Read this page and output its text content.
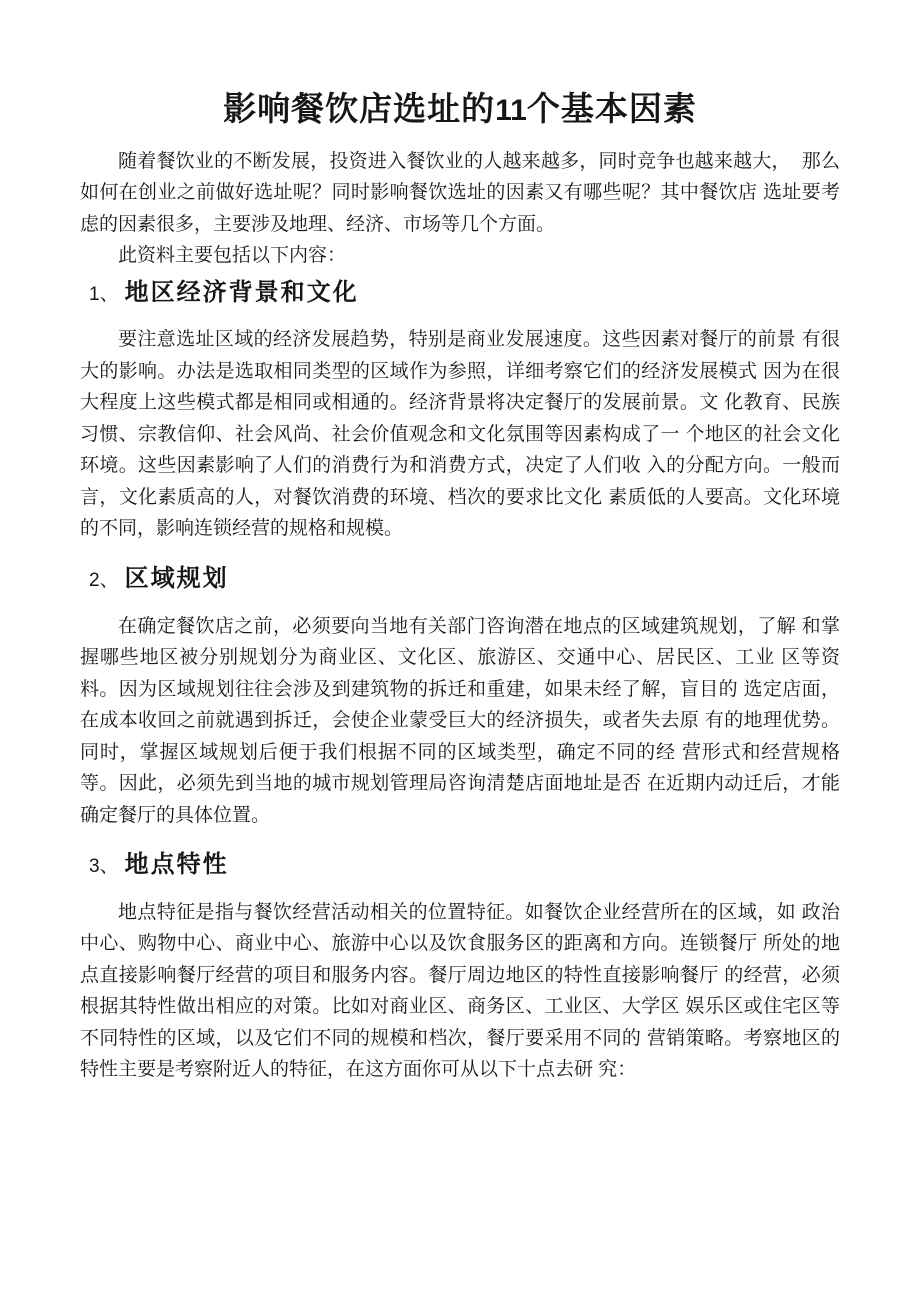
影响餐饮店选址的11个基本因素

随着餐饮业的不断发展，投资进入餐饮业的人越来越多，同时竞争也越来越大，  那么如何在创业之前做好选址呢？同时影响餐饮选址的因素又有哪些呢？其中餐饮店 选址要考虑的因素很多，主要涉及地理、经济、市场等几个方面。

此资料主要包括以下内容：

1、 地区经济背景和文化

要注意选址区域的经济发展趋势，特别是商业发展速度。这些因素对餐厅的前景 有很大的影响。办法是选取相同类型的区域作为参照，详细考察它们的经济发展模式 因为在很大程度上这些模式都是相同或相通的。经济背景将决定餐厅的发展前景。文 化教育、民族习惯、宗教信仰、社会风尚、社会价值观念和文化氛围等因素构成了一 个地区的社会文化环境。这些因素影响了人们的消费行为和消费方式，决定了人们收 入的分配方向。一般而言，文化素质高的人，对餐饮消费的环境、档次的要求比文化 素质低的人要高。文化环境的不同，影响连锁经营的规格和规模。

2、 区域规划

在确定餐饮店之前，必须要向当地有关部门咨询潜在地点的区域建筑规划，了解 和掌握哪些地区被分别规划分为商业区、文化区、旅游区、交通中心、居民区、工业 区等资料。因为区域规划往往会涉及到建筑物的拆迁和重建，如果未经了解，盲目的 选定店面，在成本收回之前就遇到拆迁，会使企业蒙受巨大的经济损失，或者失去原 有的地理优势。同时，掌握区域规划后便于我们根据不同的区域类型，确定不同的经 营形式和经营规格等。因此，必须先到当地的城市规划管理局咨询清楚店面地址是否 在近期内动迁后，才能确定餐厅的具体位置。

3、 地点特性

地点特征是指与餐饮经营活动相关的位置特征。如餐饮企业经营所在的区域，如 政治中心、购物中心、商业中心、旅游中心以及饮食服务区的距离和方向。连锁餐厅 所处的地点直接影响餐厅经营的项目和服务内容。餐厅周边地区的特性直接影响餐厅 的经营，必须根据其特性做出相应的对策。比如对商业区、商务区、工业区、大学区 娱乐区或住宅区等不同特性的区域，以及它们不同的规模和档次，餐厅要采用不同的 营销策略。考察地区的特性主要是考察附近人的特征，在这方面你可从以下十点去研 究：
